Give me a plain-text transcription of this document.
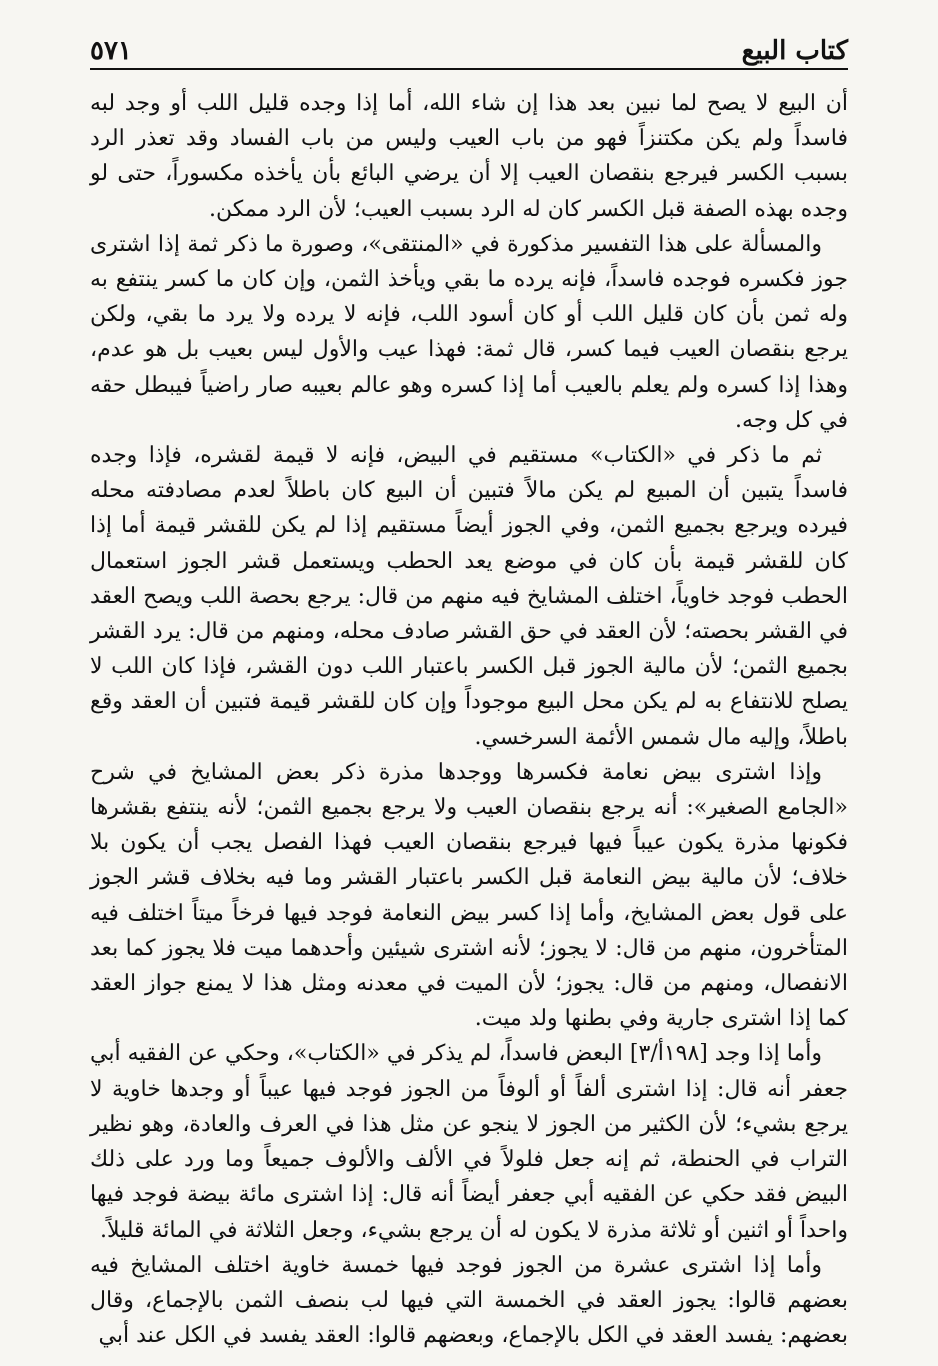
كتاب البيع
٥٧١

أن البيع لا يصح لما نبين بعد هذا إن شاء الله، أما إذا وجده قليل اللب أو وجد لبه فاسداً ولم يكن مكتنزاً فهو من باب العيب وليس من باب الفساد وقد تعذر الرد بسبب الكسر فيرجع بنقصان العيب إلا أن يرضي البائع بأن يأخذه مكسوراً، حتى لو وجده بهذه الصفة قبل الكسر كان له الرد بسبب العيب؛ لأن الرد ممكن.

والمسألة على هذا التفسير مذكورة في «المنتقى»، وصورة ما ذكر ثمة إذا اشترى جوز فكسره فوجده فاسداً، فإنه يرده ما بقي ويأخذ الثمن، وإن كان ما كسر ينتفع به وله ثمن بأن كان قليل اللب أو كان أسود اللب، فإنه لا يرده ولا يرد ما بقي، ولكن يرجع بنقصان العيب فيما كسر، قال ثمة: فهذا عيب والأول ليس بعيب بل هو عدم، وهذا إذا كسره ولم يعلم بالعيب أما إذا كسره وهو عالم بعيبه صار راضياً فيبطل حقه في كل وجه.

ثم ما ذكر في «الكتاب» مستقيم في البيض، فإنه لا قيمة لقشره، فإذا وجده فاسداً يتبين أن المبيع لم يكن مالاً فتبين أن البيع كان باطلاً لعدم مصادفته محله فيرده ويرجع بجميع الثمن، وفي الجوز أيضاً مستقيم إذا لم يكن للقشر قيمة أما إذا كان للقشر قيمة بأن كان في موضع يعد الحطب ويستعمل قشر الجوز استعمال الحطب فوجد خاوياً، اختلف المشايخ فيه منهم من قال: يرجع بحصة اللب ويصح العقد في القشر بحصته؛ لأن العقد في حق القشر صادف محله، ومنهم من قال: يرد القشر بجميع الثمن؛ لأن مالية الجوز قبل الكسر باعتبار اللب دون القشر، فإذا كان اللب لا يصلح للانتفاع به لم يكن محل البيع موجوداً وإن كان للقشر قيمة فتبين أن العقد وقع باطلاً، وإليه مال شمس الأئمة السرخسي.

وإذا اشترى بيض نعامة فكسرها ووجدها مذرة ذكر بعض المشايخ في شرح «الجامع الصغير»: أنه يرجع بنقصان العيب ولا يرجع بجميع الثمن؛ لأنه ينتفع بقشرها فكونها مذرة يكون عيباً فيها فيرجع بنقصان العيب فهذا الفصل يجب أن يكون بلا خلاف؛ لأن مالية بيض النعامة قبل الكسر باعتبار القشر وما فيه بخلاف قشر الجوز على قول بعض المشايخ، وأما إذا كسر بيض النعامة فوجد فيها فرخاً ميتاً اختلف فيه المتأخرون، منهم من قال: لا يجوز؛ لأنه اشترى شيئين وأحدهما ميت فلا يجوز كما بعد الانفصال، ومنهم من قال: يجوز؛ لأن الميت في معدنه ومثل هذا لا يمنع جواز العقد كما إذا اشترى جارية وفي بطنها ولد ميت.

وأما إذا وجد [١٩٨أ/٣] البعض فاسداً، لم يذكر في «الكتاب»، وحكي عن الفقيه أبي جعفر أنه قال: إذا اشترى ألفاً أو ألوفاً من الجوز فوجد فيها عيباً أو وجدها خاوية لا يرجع بشيء؛ لأن الكثير من الجوز لا ينجو عن مثل هذا في العرف والعادة، وهو نظير التراب في الحنطة، ثم إنه جعل فلولاً في الألف والألوف جميعاً وما ورد على ذلك البيض فقد حكي عن الفقيه أبي جعفر أيضاً أنه قال: إذا اشترى مائة بيضة فوجد فيها واحداً أو اثنين أو ثلاثة مذرة لا يكون له أن يرجع بشيء، وجعل الثلاثة في المائة قليلاً.

وأما إذا اشترى عشرة من الجوز فوجد فيها خمسة خاوية اختلف المشايخ فيه بعضهم قالوا: يجوز العقد في الخمسة التي فيها لب بنصف الثمن بالإجماع، وقال بعضهم: يفسد العقد في الكل بالإجماع، وبعضهم قالوا: العقد يفسد في الكل عند أبي
